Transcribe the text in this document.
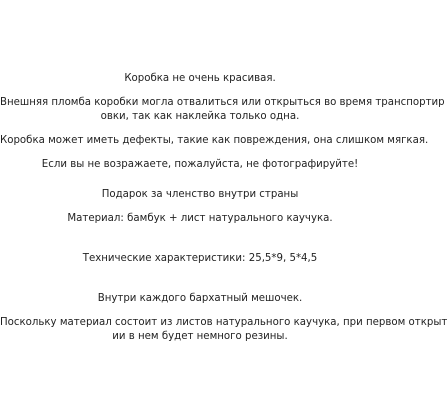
Коробка не очень красивая.
Внешняя пломба коробки могла отвалиться или открыться во время транспортир
овки, так как наклейка только одна.
Коробка может иметь дефекты, такие как повреждения, она слишком мягкая.
Если вы не возражаете, пожалуйста, не фотографируйте!
Подарок за членство внутри страны
Материал: бамбук + лист натурального каучука.
Технические характеристики: 25,5*9, 5*4,5
Внутри каждого бархатный мешочек.
Поскольку материал состоит из листов натурального каучука, при первом открыт
ии в нем будет немного резины.
